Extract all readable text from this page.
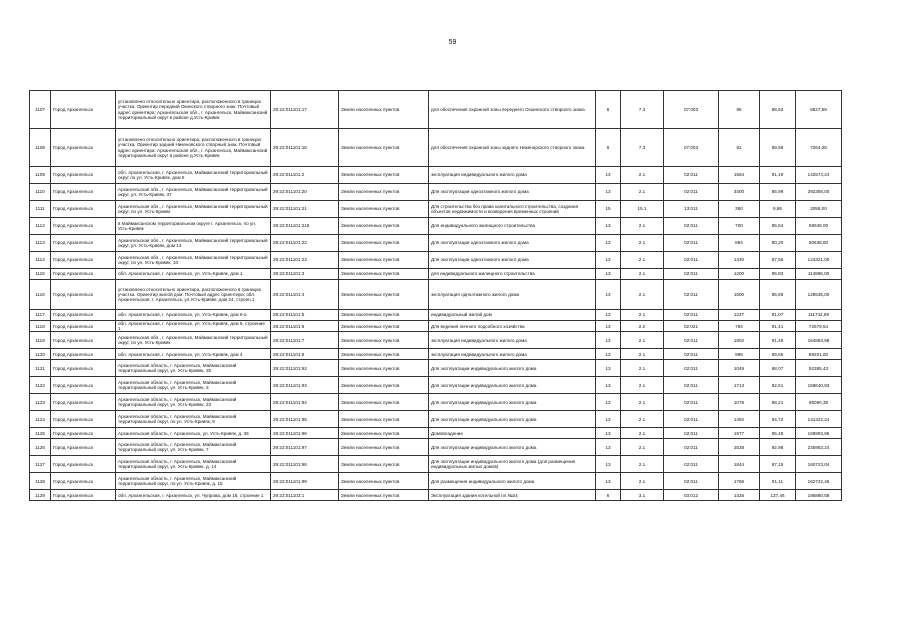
59
1107	Город Архангельск	установлено относительно ориентира, расположенного в границах участка. Ориентир передний Окинского створного знак. Почтовый адрес ориентира: Архангельская обл., г. Архангельск, Маймаксанский территориальный округ в районе д.Усть-Кривяк	29:22:011101:17	Земли населенных пунктов	для обеспечения охранной зоны переднего Оскинского створного знака	6	7.3	07:003	96	88,53	8527,68
1108	Город Архангельск	установлено относительно ориентира, расположенного в границах участка. Ориентир задний Никеновского створный знак. Почтовый адрес ориентира: Архангельская обл., г. Архангельск, Маймаксанский территориальный округ в районе д.Усть-Кривяк	29:22:011101:18	Земли населенных пунктов	для обеспечения охранной зоны заднего Никенорского створного знака	6	7.3	07:003	81	89,68	7264,08
1109	Город Архангельск	обл. Архангельская, г. Архангельск, Маймаксанский территориальный округ по ул. Усть-Кривяк, дом 5	29:22:011101:2	Земли населенных пунктов	эксплуатация индивидуального жилого дома	13	2.1	02:011	1564	91,19	142574,24
1110	Город Архангельск	Архангельская обл., г. Архангельск, Маймаксанский территориальный округ, ул. Усть-Кривяк, 37	29:22:011101:20	Земли населенных пунктов	Для эксплуатации одноэтажного жилого дома	13	2.1	02:011	3400	85,99	292356,00
1111	Город Архангельск	Архангельская обл., г. Архангельск, Маймаксанский территориальный округ, по ул. Усть-Кривяк	29:22:011101:21	Земли населенных пунктов	Для строительства без права капитального строительства, создания объектов недвижимости и возведения временных строений	15	15.1	13:011	390	9,86	2058,00
1112	Город Архангельск	в Маймаксанском территориальном округе г. Архангельск, по ул. Усть-Кривяк	29:22:011101:218	Земли населенных пунктов	Для индивидуального жилищного строительства	13	2.1	02:011	700	85,64	59948,00
1113	Город Архангельск	Архангельская обл., г. Архангельск, Маймаксанский территориальный округ, ул. Усть-Кривяк, дом 13	29:22:011101:22	Земли населенных пунктов	Для эксплуатации одноэтажного жилого дома	13	2.1	02:011	894	90,20	80638,80
1114	Город Архангельск	Архангельская обл., г. Архангельск, Маймаксанский территориальный округ, по ул. Усть-Кривяк, 10	29:22:011101:23	Земли населенных пунктов	Для эксплуатации одноэтажного жилого дома	13	2.1	02:011	1430	87,55	124321,00
1115	Город Архангельск	обл. Архангельская, г. Архангельск, ул. Усть-Кривяк, дом 1	29:22:011101:3	Земли населенных пунктов	для индивидуального жилищного строительства	13	2.1	02:011	1200	95,83	114996,00
1116	Город Архангельск	установлено относительно ориентира, расположенного в границах участка. Ориентир жилой дом. Почтовый адрес ориентира: обл. Архангельская, г. Архангельск, ул.Усть-Кривяк, дом 24, строен.1	29:22:011101:4	Земли населенных пунктов	эксплуатация одноэтажного жилого дома	13	2.1	02:011	1500	85,69	128535,00
1117	Город Архангельск	обл. Архангельская, г. Архангельск, ул. Усть-Кривяк, дом 6-а	29:22:011101:5	Земли населенных пунктов	индивидуальный жилой дом	13	2.1	02:011	1227	91,07	111742,89
1118	Город Архангельск	обл. Архангельская, г. Архангельск, ул. Усть-Кривяк, дом 6, строение 1	29:22:011101:6	Земли населенных пунктов	Для ведения личного подсобного хозяйства	13	2.2	02:021	794	91,41	72579,54
1119	Город Архангельск	Архангельская обл., г. Архангельск, Маймаксанский территориальный округ, по ул. Усть-Кривяк	29:22:011101:7	Земли населенных пунктов	эксплуатация индивидуального жилого дома	13	2.1	02:011	1802	91,49	164864,98
1120	Город Архангельск	обл. Архангельская, г. Архангельск, ул. Усть-Кривяк, дом 4	29:22:011101:8	Земли населенных пунктов	эксплуатация индивидуального жилого дома	13	2.1	02:011	995	89,65	89201,60
1121	Город Архангельск	Архангельская область, г. Архангельск, Маймаксанский территориальный округ, ул. Усть-Кривяк, 25	29:22:011101:92	Земли населенных пунктов	Для эксплуатации индивидуального жилого дома	13	2.1	02:011	1049	88,07	92385,43
1122	Город Архангельск	Архангельская область, г. Архангельск, Маймаксанский территориальный округ, ул. Усть-Кривяк, 3	29:22:011101:93	Земли населенных пунктов	Для эксплуатации индивидуального жилого дома	13	2.1	02:011	1713	92,61	158640,93
1123	Город Архангельск	Архангельская область, г. Архангельск, Маймаксанский территориальный округ, ул. Усть-Кривяк, 23	29:22:011101:94	Земли населенных пунктов	Для эксплуатации индивидуального жилого дома	13	2.1	02:011	1078	88,21	95090,38
1124	Город Архангельск	Архангельская область, г. Архангельск, Маймаксанский территориальный округ, по ул. Усть-Кривяк, 9	29:22:011101:95	Земли населенных пунктов	Для эксплуатации индивидуального жилого дома	13	2.1	02:011	1492	94,72	141322,24
1125	Город Архангельск	Архангельская область, г. Архангельск, ул. Усть-Кривяк, д. 36	29:22:011101:96	Земли населенных пунктов	Домовладение	13	2.1	02:011	1977	85,48	168993,96
1126	Город Архангельск	Архангельская область, г. Архангельск, Маймаксанский территориальный округ, ул. Усть-Кривяк, 7	29:22:011101:97	Земли населенных пунктов	Для эксплуатации индивидуального жилого дома	13	2.1	02:011	2538	92,98	235983,24
1127	Город Архангельск	Архангельская область, г. Архангельск, Маймаксанский территориальный округ, ул. Усть-Кривяк, д. 14	29:22:011101:98	Земли населенных пунктов	Для эксплуатации индивидуального жилого дома (для размещения индивидуальных жилых домов)	13	2.1	02:011	1844	87,15	160723,04
1128	Город Архангельск	Архангельская область, г. Архангельск, Маймаксанский территориальный округ, по ул. Усть-Кривяк, д. 15	29:22:011101:99	Земли населенных пунктов	Для размещения индивидуального жилого дома	13	2.1	02:011	1786	91,11	162722,46
1129	Город Архангельск	обл. Архангельская, г. Архангельск, ул. Чупрова, дом 16, строение 1	29:22:011103:1	Земли населенных пунктов	Эксплуатация здания котельной пл.№24	6	3.1	03:012	1425	137,46	195880,58
